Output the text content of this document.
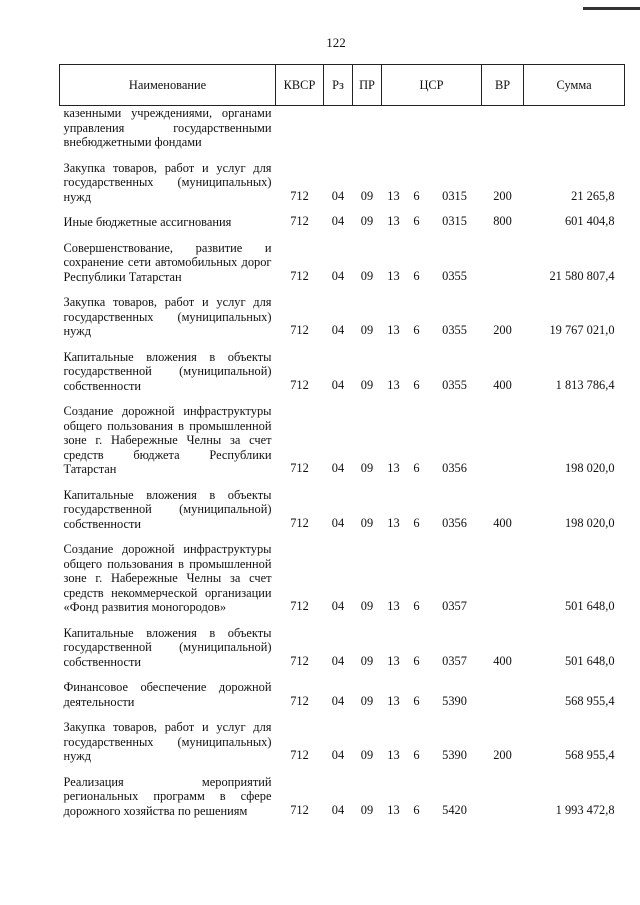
122
Наименование	КВСР	Рз	ПР	ЦСР			ВР	Сумма
казенными учреждениями, органами управления государственными внебюджетными фондами								
Закупка товаров, работ и услуг для государственных (муниципальных) нужд	712	04	09	13	6	0315	200	21 265,8
Иные бюджетные ассигнования	712	04	09	13	6	0315	800	601 404,8
Совершенствование, развитие и сохранение сети автомобильных дорог Республики Татарстан	712	04	09	13	6	0355		21 580 807,4
Закупка товаров, работ и услуг для государственных (муниципальных) нужд	712	04	09	13	6	0355	200	19 767 021,0
Капитальные вложения в объекты государственной (муниципальной) собственности	712	04	09	13	6	0355	400	1 813 786,4
Создание дорожной инфраструктуры общего пользования в промышленной зоне г. Набережные Челны за счет средств бюджета Республики Татарстан	712	04	09	13	6	0356		198 020,0
Капитальные вложения в объекты государственной (муниципальной) собственности	712	04	09	13	6	0356	400	198 020,0
Создание дорожной инфраструктуры общего пользования в промышленной зоне г. Набережные Челны за счет средств некоммерческой организации «Фонд развития моногородов»	712	04	09	13	6	0357		501 648,0
Капитальные вложения в объекты государственной (муниципальной) собственности	712	04	09	13	6	0357	400	501 648,0
Финансовое обеспечение дорожной деятельности	712	04	09	13	6	5390		568 955,4
Закупка товаров, работ и услуг для государственных (муниципальных) нужд	712	04	09	13	6	5390	200	568 955,4
Реализация мероприятий региональных программ в сфере дорожного хозяйства по решениям	712	04	09	13	6	5420		1 993 472,8
